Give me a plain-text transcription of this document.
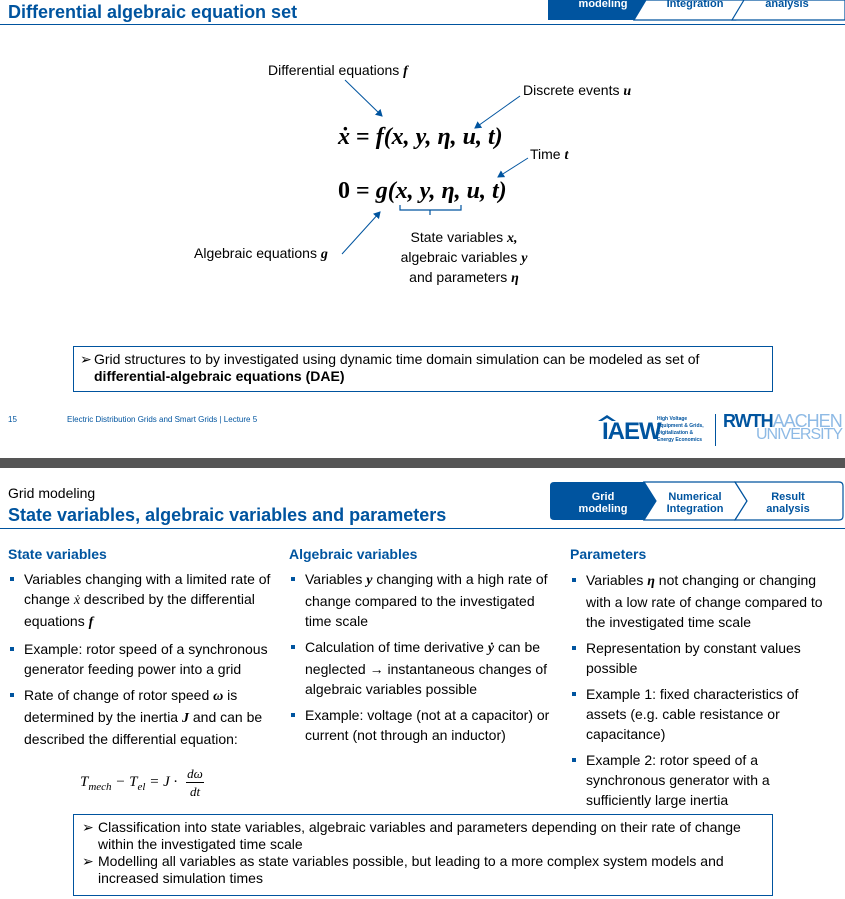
Differential algebraic equation set	modeling	Integration	analysis
Differential equations f
Discrete events u
Time t
Algebraic equations g
State variables x,
algebraic variables y
and parameters η
ẋ = f(x, y, η, u, t)
0 = g(x, y, η, u, t)
➢ Grid structures to by investigated using dynamic time domain simulation can be modeled as set of
differential-algebraic equations (DAE)
15	Electric Distribution Grids and Smart Grids | Lecture 5	IAEW
High Voltage
Equipment & Grids,
Digitalization &
Energy Economics
RWTHAACHEN
UNIVERSITY
Grid modeling
State variables, algebraic variables and parameters
Grid
modeling
Numerical
Integration
Result
analysis
State variables
Variables changing with a limited rate of change ẋ described by the differential equations f
Example: rotor speed of a synchronous generator feeding power into a grid
Rate of change of rotor speed ω is determined by the inertia J and can be described the differential equation:
$T_{mech} - T_{el} = J$ ·
dω
dt
Algebraic variables
Variables y changing with a high rate of change compared to the investigated time scale
Calculation of time derivative ẏ can be neglected → instantaneous changes of algebraic variables possible
Example: voltage (not at a capacitor) or current (not through an inductor)
Parameters
Variables η not changing or changing with a low rate of change compared to the investigated time scale
Representation by constant values possible
Example 1: fixed characteristics of assets (e.g. cable resistance or capacitance)
Example 2: rotor speed of a synchronous generator with a sufficiently large inertia
➢ Classification into state variables, algebraic variables and parameters depending on their rate of change within the investigated time scale
➢ Modelling all variables as state variables possible, but leading to a more complex system models and increased simulation times
